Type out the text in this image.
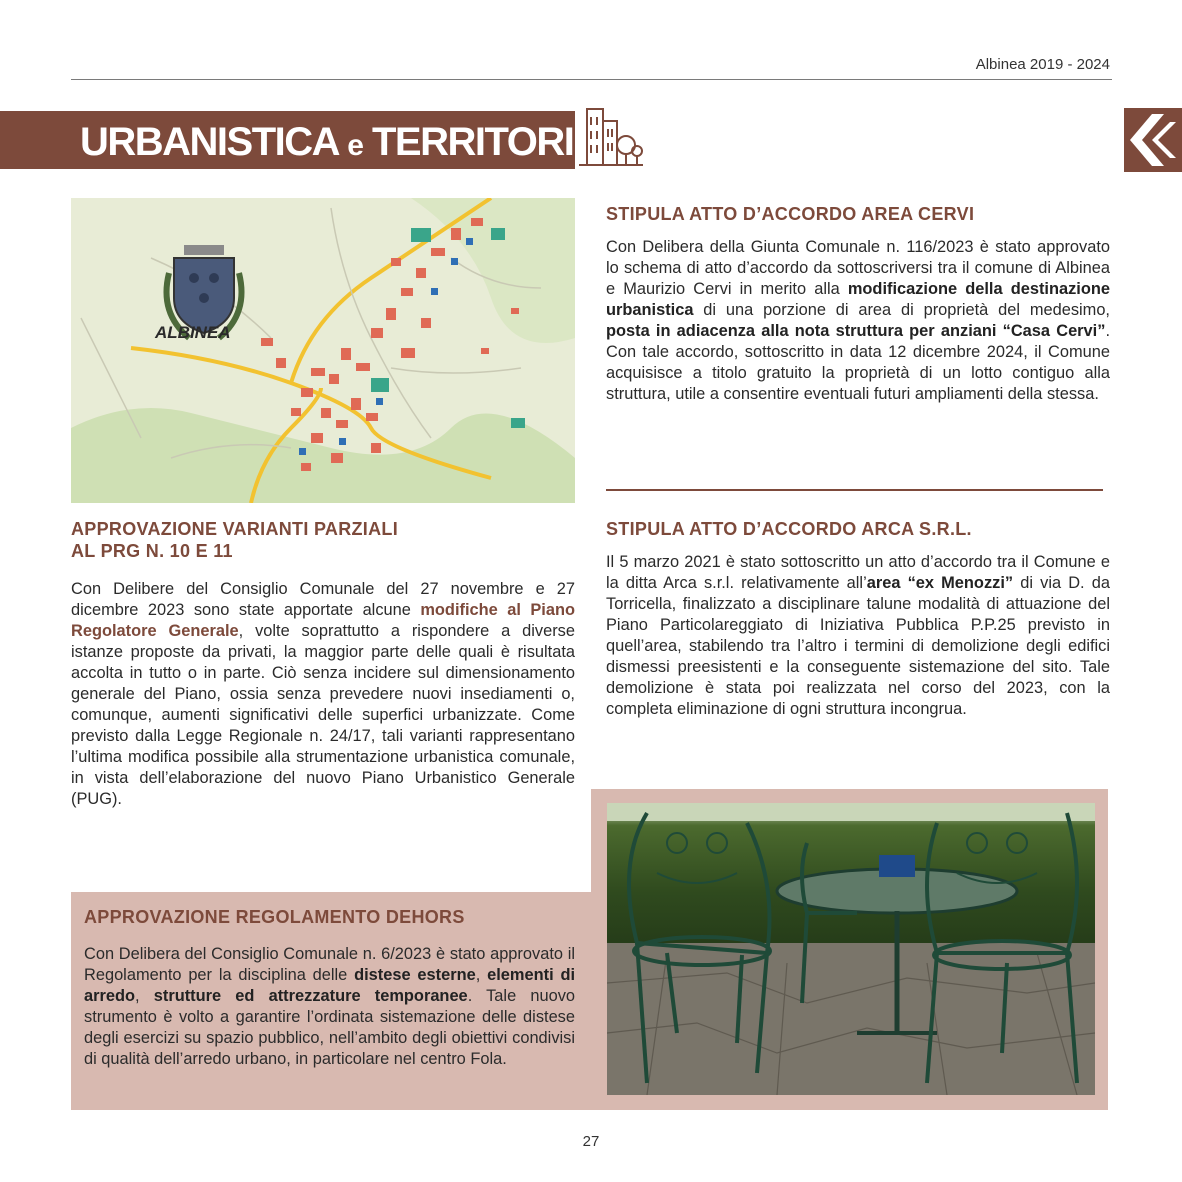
Albinea 2019 - 2024
URBANISTICA e TERRITORIO
ALBINEA
APPROVAZIONE VARIANTI PARZIALI
AL PRG N. 10 E 11

Con Delibere del Consiglio Comunale del 27 novembre e 27 dicembre 2023 sono state apportate alcune modifiche al Piano Regolatore Generale, volte soprattutto a rispondere a diverse istanze proposte da privati, la maggior parte delle quali è risultata accolta in tutto o in parte. Ciò senza incidere sul dimensionamento generale del Piano, ossia senza prevedere nuovi insediamenti o, comunque, aumenti significativi delle superfici urbanizzate. Come previsto dalla Legge Regionale n. 24/17, tali varianti rappresentano l’ultima modifica possibile alla strumentazione urbanistica comunale, in vista dell’elaborazione del nuovo Piano Urbanistico Generale (PUG).

APPROVAZIONE REGOLAMENTO DEHORS

Con Delibera del Consiglio Comunale n. 6/2023 è stato approvato il Regolamento per la disciplina delle distese esterne, elementi di arredo, strutture ed attrezzature temporanee. Tale nuovo strumento è volto a garantire l’ordinata sistemazione delle distese degli esercizi su spazio pubblico, nell’ambito degli obiettivi condivisi di qualità dell’arredo urbano, in particolare nel centro Fola.

STIPULA ATTO D’ACCORDO AREA CERVI

Con Delibera della Giunta Comunale n. 116/2023 è stato approvato lo schema di atto d’accordo da sottoscriversi tra il comune di Albinea e Maurizio Cervi in merito alla modificazione della destinazione urbanistica di una porzione di area di proprietà del medesimo, posta in adiacenza alla nota struttura per anziani “Casa Cervi”. Con tale accordo, sottoscritto in data 12 dicembre 2024, il Comune acquisisce a titolo gratuito la proprietà di un lotto contiguo alla struttura, utile a consentire eventuali futuri ampliamenti della stessa.

STIPULA ATTO D’ACCORDO ARCA S.R.L.

Il 5 marzo 2021 è stato sottoscritto un atto d’accordo tra il Comune e la ditta Arca s.r.l. relativamente all’area “ex Menozzi” di via D. da Torricella, finalizzato a disciplinare talune modalità di attuazione del Piano Particolareggiato di Iniziativa Pubblica P.P.25 previsto in quell’area, stabilendo tra l’altro i termini di demolizione degli edifici dismessi preesistenti e la conseguente sistemazione del sito. Tale demolizione è stata poi realizzata nel corso del 2023, con la completa eliminazione di ogni struttura incongrua.

27
